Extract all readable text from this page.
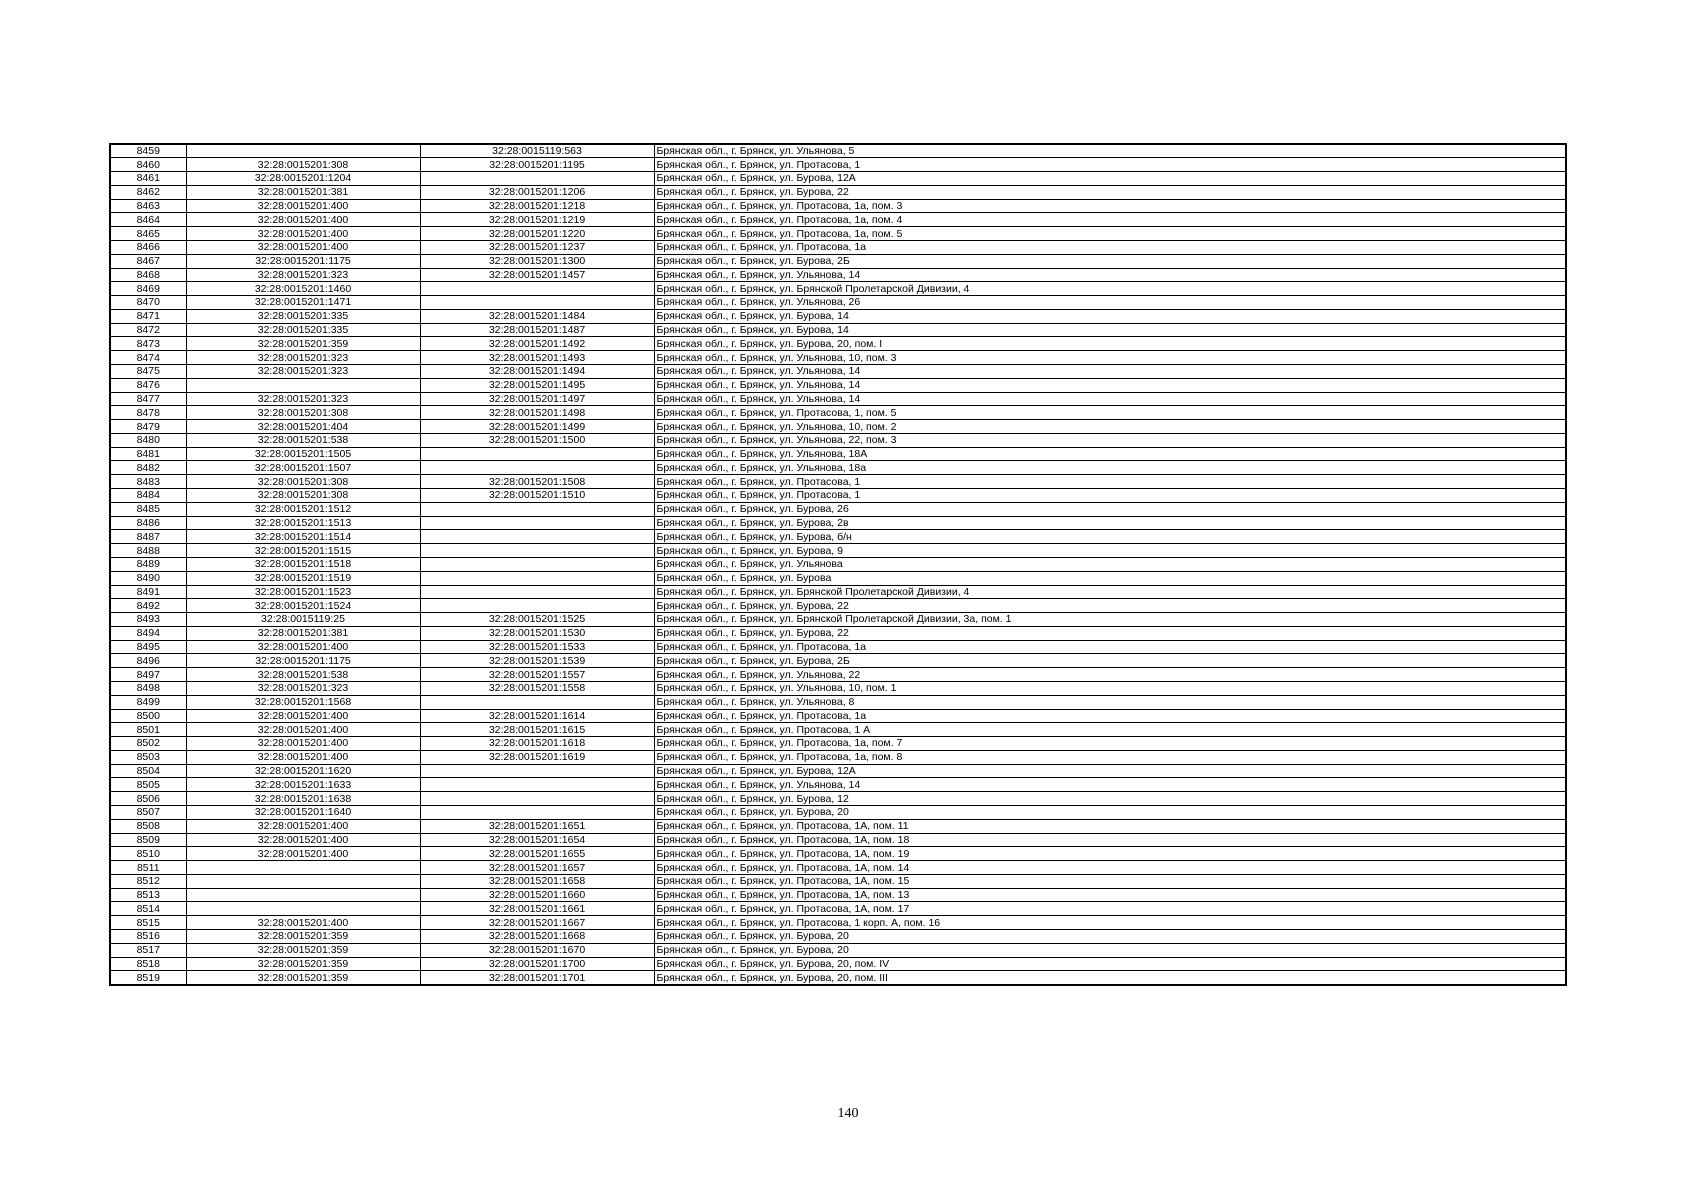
8459		32:28:0015119:563	Брянская обл., г. Брянск, ул. Ульянова, 5
8460	32:28:0015201:308	32:28:0015201:1195	Брянская обл., г. Брянск, ул. Протасова, 1
8461	32:28:0015201:1204		Брянская обл., г. Брянск, ул. Бурова, 12А
8462	32:28:0015201:381	32:28:0015201:1206	Брянская обл., г. Брянск, ул. Бурова, 22
8463	32:28:0015201:400	32:28:0015201:1218	Брянская обл., г. Брянск, ул. Протасова, 1а, пом. 3
8464	32:28:0015201:400	32:28:0015201:1219	Брянская обл., г. Брянск, ул. Протасова, 1а, пом. 4
8465	32:28:0015201:400	32:28:0015201:1220	Брянская обл., г. Брянск, ул. Протасова, 1а, пом. 5
8466	32:28:0015201:400	32:28:0015201:1237	Брянская обл., г. Брянск, ул. Протасова, 1а
8467	32:28:0015201:1175	32:28:0015201:1300	Брянская обл., г. Брянск, ул. Бурова, 2Б
8468	32:28:0015201:323	32:28:0015201:1457	Брянская обл., г. Брянск, ул. Ульянова, 14
8469	32:28:0015201:1460		Брянская обл., г. Брянск, ул. Брянской Пролетарской Дивизии, 4
8470	32:28:0015201:1471		Брянская обл., г. Брянск, ул. Ульянова, 26
8471	32:28:0015201:335	32:28:0015201:1484	Брянская обл., г. Брянск, ул. Бурова, 14
8472	32:28:0015201:335	32:28:0015201:1487	Брянская обл., г. Брянск, ул. Бурова, 14
8473	32:28:0015201:359	32:28:0015201:1492	Брянская обл., г. Брянск, ул. Бурова, 20, пом. I
8474	32:28:0015201:323	32:28:0015201:1493	Брянская обл., г. Брянск, ул. Ульянова, 10, пом. 3
8475	32:28:0015201:323	32:28:0015201:1494	Брянская обл., г. Брянск, ул. Ульянова, 14
8476		32:28:0015201:1495	Брянская обл., г. Брянск, ул. Ульянова, 14
8477	32:28:0015201:323	32:28:0015201:1497	Брянская обл., г. Брянск, ул. Ульянова, 14
8478	32:28:0015201:308	32:28:0015201:1498	Брянская обл., г. Брянск, ул. Протасова, 1, пом. 5
8479	32:28:0015201:404	32:28:0015201:1499	Брянская обл., г. Брянск, ул. Ульянова, 10, пом. 2
8480	32:28:0015201:538	32:28:0015201:1500	Брянская обл., г. Брянск, ул. Ульянова, 22, пом. 3
8481	32:28:0015201:1505		Брянская обл., г. Брянск, ул. Ульянова, 18А
8482	32:28:0015201:1507		Брянская обл., г. Брянск, ул. Ульянова, 18а
8483	32:28:0015201:308	32:28:0015201:1508	Брянская обл., г. Брянск, ул. Протасова, 1
8484	32:28:0015201:308	32:28:0015201:1510	Брянская обл., г. Брянск, ул. Протасова, 1
8485	32:28:0015201:1512		Брянская обл., г. Брянск, ул. Бурова, 26
8486	32:28:0015201:1513		Брянская обл., г. Брянск, ул. Бурова, 2в
8487	32:28:0015201:1514		Брянская обл., г. Брянск, ул. Бурова, б/н
8488	32:28:0015201:1515		Брянская обл., г. Брянск, ул. Бурова, 9
8489	32:28:0015201:1518		Брянская обл., г. Брянск, ул. Ульянова
8490	32:28:0015201:1519		Брянская обл., г. Брянск, ул. Бурова
8491	32:28:0015201:1523		Брянская обл., г. Брянск, ул. Брянской Пролетарской Дивизии, 4
8492	32:28:0015201:1524		Брянская обл., г. Брянск, ул. Бурова, 22
8493	32:28:0015119:25	32:28:0015201:1525	Брянская обл., г. Брянск, ул. Брянской Пролетарской Дивизии, 3а, пом. 1
8494	32:28:0015201:381	32:28:0015201:1530	Брянская обл., г. Брянск, ул. Бурова, 22
8495	32:28:0015201:400	32:28:0015201:1533	Брянская обл., г. Брянск, ул. Протасова, 1а
8496	32:28:0015201:1175	32:28:0015201:1539	Брянская обл., г. Брянск, ул. Бурова, 2Б
8497	32:28:0015201:538	32:28:0015201:1557	Брянская обл., г. Брянск, ул. Ульянова, 22
8498	32:28:0015201:323	32:28:0015201:1558	Брянская обл., г. Брянск, ул. Ульянова, 10, пом. 1
8499	32:28:0015201:1568		Брянская обл., г. Брянск, ул. Ульянова, 8
8500	32:28:0015201:400	32:28:0015201:1614	Брянская обл., г. Брянск, ул. Протасова, 1а
8501	32:28:0015201:400	32:28:0015201:1615	Брянская обл., г. Брянск, ул. Протасова, 1 А
8502	32:28:0015201:400	32:28:0015201:1618	Брянская обл., г. Брянск, ул. Протасова, 1а, пом. 7
8503	32:28:0015201:400	32:28:0015201:1619	Брянская обл., г. Брянск, ул. Протасова, 1а, пом. 8
8504	32:28:0015201:1620		Брянская обл., г. Брянск, ул. Бурова, 12А
8505	32:28:0015201:1633		Брянская обл., г. Брянск, ул. Ульянова, 14
8506	32:28:0015201:1638		Брянская обл., г. Брянск, ул. Бурова, 12
8507	32:28:0015201:1640		Брянская обл., г. Брянск, ул. Бурова, 20
8508	32:28:0015201:400	32:28:0015201:1651	Брянская обл., г. Брянск, ул. Протасова, 1А, пом. 11
8509	32:28:0015201:400	32:28:0015201:1654	Брянская обл., г. Брянск, ул. Протасова, 1А, пом. 18
8510	32:28:0015201:400	32:28:0015201:1655	Брянская обл., г. Брянск, ул. Протасова, 1А, пом. 19
8511		32:28:0015201:1657	Брянская обл., г. Брянск, ул. Протасова, 1А, пом. 14
8512		32:28:0015201:1658	Брянская обл., г. Брянск, ул. Протасова, 1А, пом. 15
8513		32:28:0015201:1660	Брянская обл., г. Брянск, ул. Протасова, 1А, пом. 13
8514		32:28:0015201:1661	Брянская обл., г. Брянск, ул. Протасова, 1А, пом. 17
8515	32:28:0015201:400	32:28:0015201:1667	Брянская обл., г. Брянск, ул. Протасова, 1 корп. А, пом. 16
8516	32:28:0015201:359	32:28:0015201:1668	Брянская обл., г. Брянск, ул. Бурова, 20
8517	32:28:0015201:359	32:28:0015201:1670	Брянская обл., г. Брянск, ул. Бурова, 20
8518	32:28:0015201:359	32:28:0015201:1700	Брянская обл., г. Брянск, ул. Бурова, 20, пом. IV
8519	32:28:0015201:359	32:28:0015201:1701	Брянская обл., г. Брянск, ул. Бурова, 20, пом. III
140
